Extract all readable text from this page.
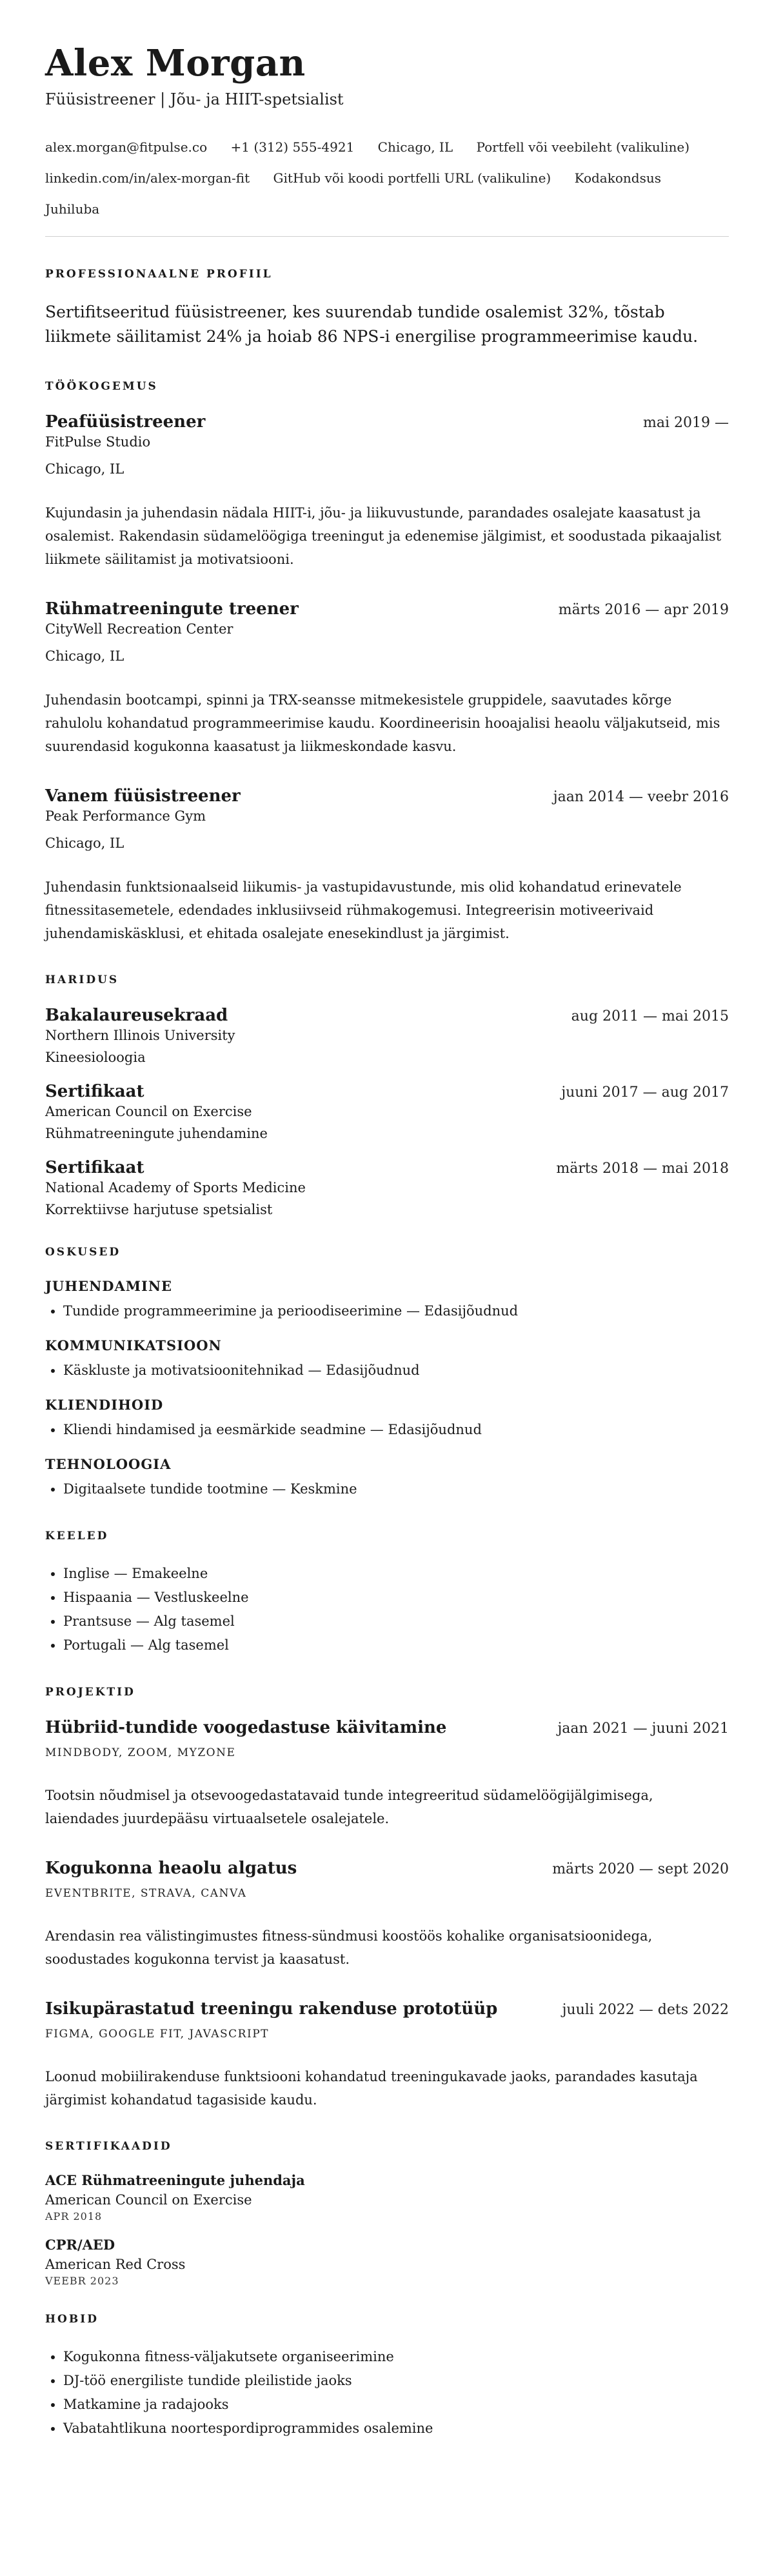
Alex Morgan
Füüsistreener | Jõu- ja HIIT-spetsialist
alex.morgan@fitpulse.co +1 (312) 555-4921 Chicago, IL Portfell või veebileht (valikuline)
linkedin.com/in/alex-morgan-fit GitHub või koodi portfelli URL (valikuline) Kodakondsus
Juhiluba
PROFESSIONAALNE PROFIIL
Sertifitseeritud füüsistreener, kes suurendab tundide osalemist 32%, tõstab liikmete säilitamist 24% ja hoiab 86 NPS-i energilise programmeerimise kaudu.
TÖÖKOGEMUS
Peafüüsistreener	mai 2019 —
FitPulse Studio
Chicago, IL
Kujundasin ja juhendasin nädala HIIT-i, jõu- ja liikuvustunde, parandades osalejate kaasatust ja osalemist. Rakendasin südamelöögiga treeningut ja edenemise jälgimist, et soodustada pikaajalist liikmete säilitamist ja motivatsiooni.
Rühmatreeningute treener	märts 2016 — apr 2019
CityWell Recreation Center
Chicago, IL
Juhendasin bootcampi, spinni ja TRX-seansse mitmekesistele gruppidele, saavutades kõrge rahulolu kohandatud programmeerimise kaudu. Koordineerisin hooajalisi heaolu väljakutseid, mis suurendasid kogukonna kaasatust ja liikmeskondade kasvu.
Vanem füüsistreener	jaan 2014 — veebr 2016
Peak Performance Gym
Chicago, IL
Juhendasin funktsionaalseid liikumis- ja vastupidavustunde, mis olid kohandatud erinevatele fitnessitasemetele, edendades inklusiivseid rühmakogemusi. Integreerisin motiveerivaid juhendamiskäsklusi, et ehitada osalejate enesekindlust ja järgimist.
HARIDUS
Bakalaureusekraad	aug 2011 — mai 2015
Northern Illinois University
Kineesioloogia
Sertifikaat	juuni 2017 — aug 2017
American Council on Exercise
Rühmatreeningute juhendamine
Sertifikaat	märts 2018 — mai 2018
National Academy of Sports Medicine
Korrektiivse harjutuse spetsialist
OSKUSED
JUHENDAMINE
• Tundide programmeerimine ja perioodiseerimine — Edasijõudnud
KOMMUNIKATSIOON
• Käskluste ja motivatsioonitehnikad — Edasijõudnud
KLIENDIHOID
• Kliendi hindamised ja eesmärkide seadmine — Edasijõudnud
TEHNOLOOGIA
• Digitaalsete tundide tootmine — Keskmine
KEELED
• Inglise — Emakeelne
• Hispaania — Vestluskeelne
• Prantsuse — Alg tasemel
• Portugali — Alg tasemel
PROJEKTID
Hübriid-tundide voogedastuse käivitamine	jaan 2021 — juuni 2021
MINDBODY, ZOOM, MYZONE
Tootsin nõudmisel ja otsevoogedastatavaid tunde integreeritud südamelöögijälgimisega, laiendades juurdepääsu virtuaalsetele osalejatele.
Kogukonna heaolu algatus	märts 2020 — sept 2020
EVENTBRITE, STRAVA, CANVA
Arendasin rea välistingimustes fitness-sündmusi koostöös kohalike organisatsioonidega, soodustades kogukonna tervist ja kaasatust.
Isikupärastatud treeningu rakenduse prototüüp	juuli 2022 — dets 2022
FIGMA, GOOGLE FIT, JAVASCRIPT
Loonud mobiilirakenduse funktsiooni kohandatud treeningukavade jaoks, parandades kasutaja järgimist kohandatud tagasiside kaudu.
SERTIFIKAADID
ACE Rühmatreeningute juhendaja
American Council on Exercise
APR 2018
CPR/AED
American Red Cross
VEEBR 2023
HOBID
• Kogukonna fitness-väljakutsete organiseerimine
• DJ-töö energiliste tundide pleilistide jaoks
• Matkamine ja radajooks
• Vabatahtlikuna noortespordiprogrammides osalemine
